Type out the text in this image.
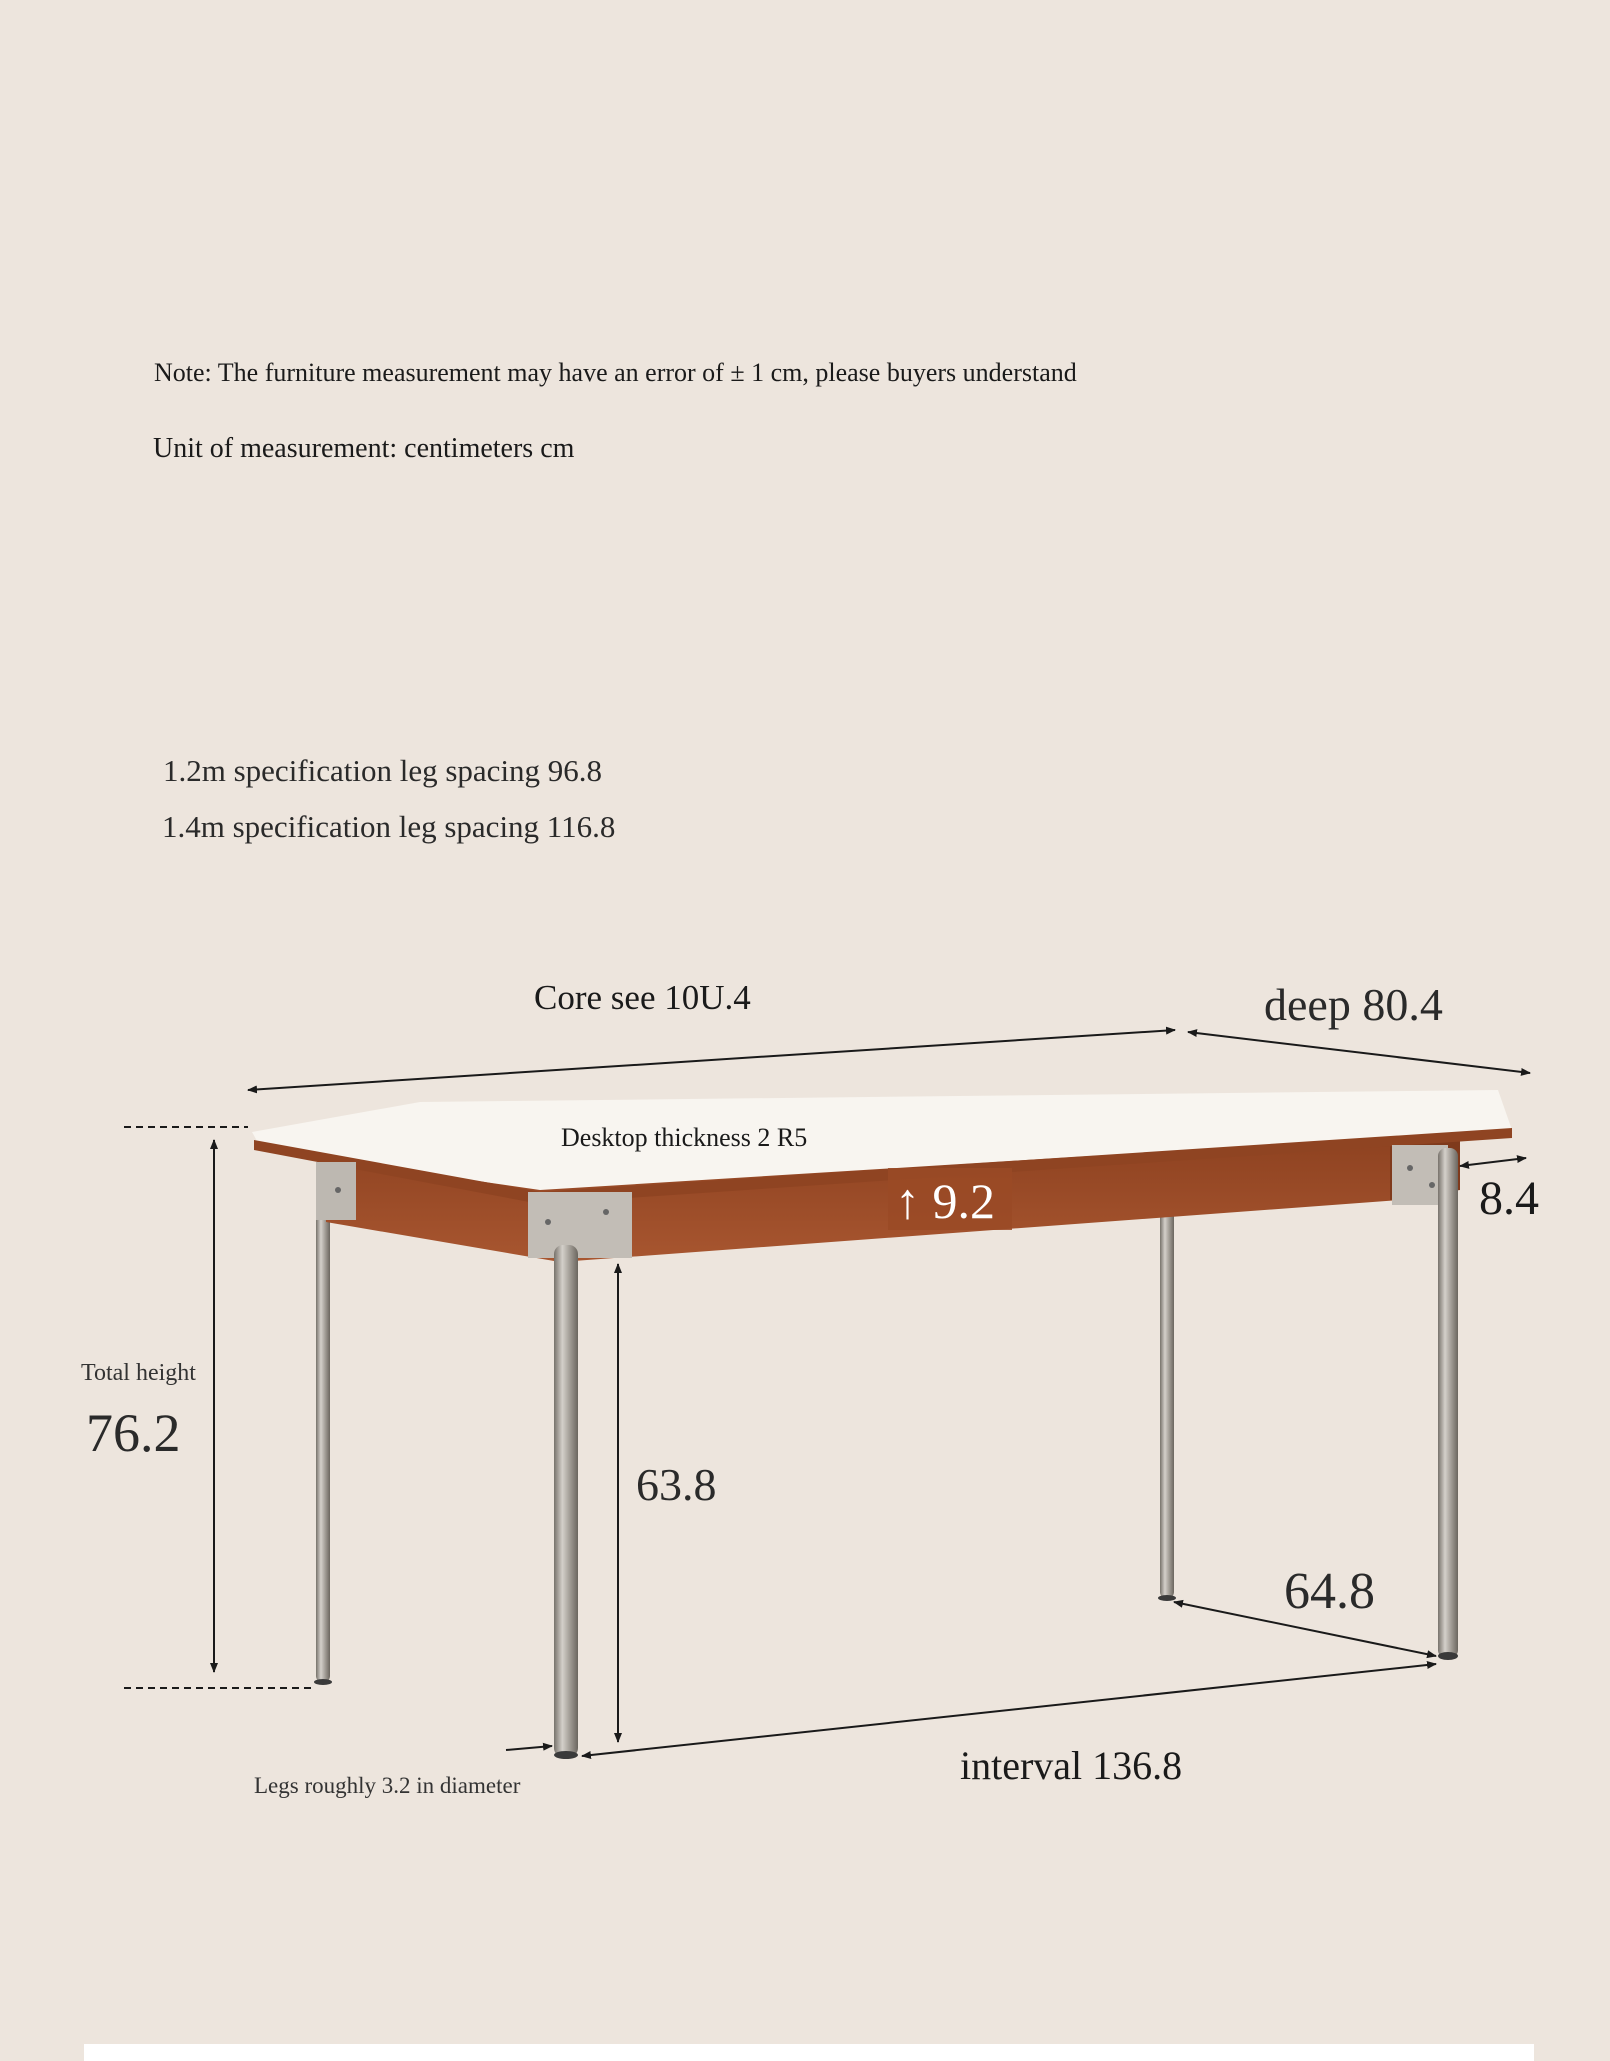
Note: The furniture measurement may have an error of ± 1 cm, please buyers understand
Unit of measurement: centimeters cm
1.2m specification leg spacing 96.8
1.4m specification leg spacing 116.8
Core see 10U.4	deep 80.4
Desktop thickness 2 R5
↑ 9.2	8.4
Total height
76.2
63.8
64.8
interval 136.8
Legs roughly 3.2 in diameter
